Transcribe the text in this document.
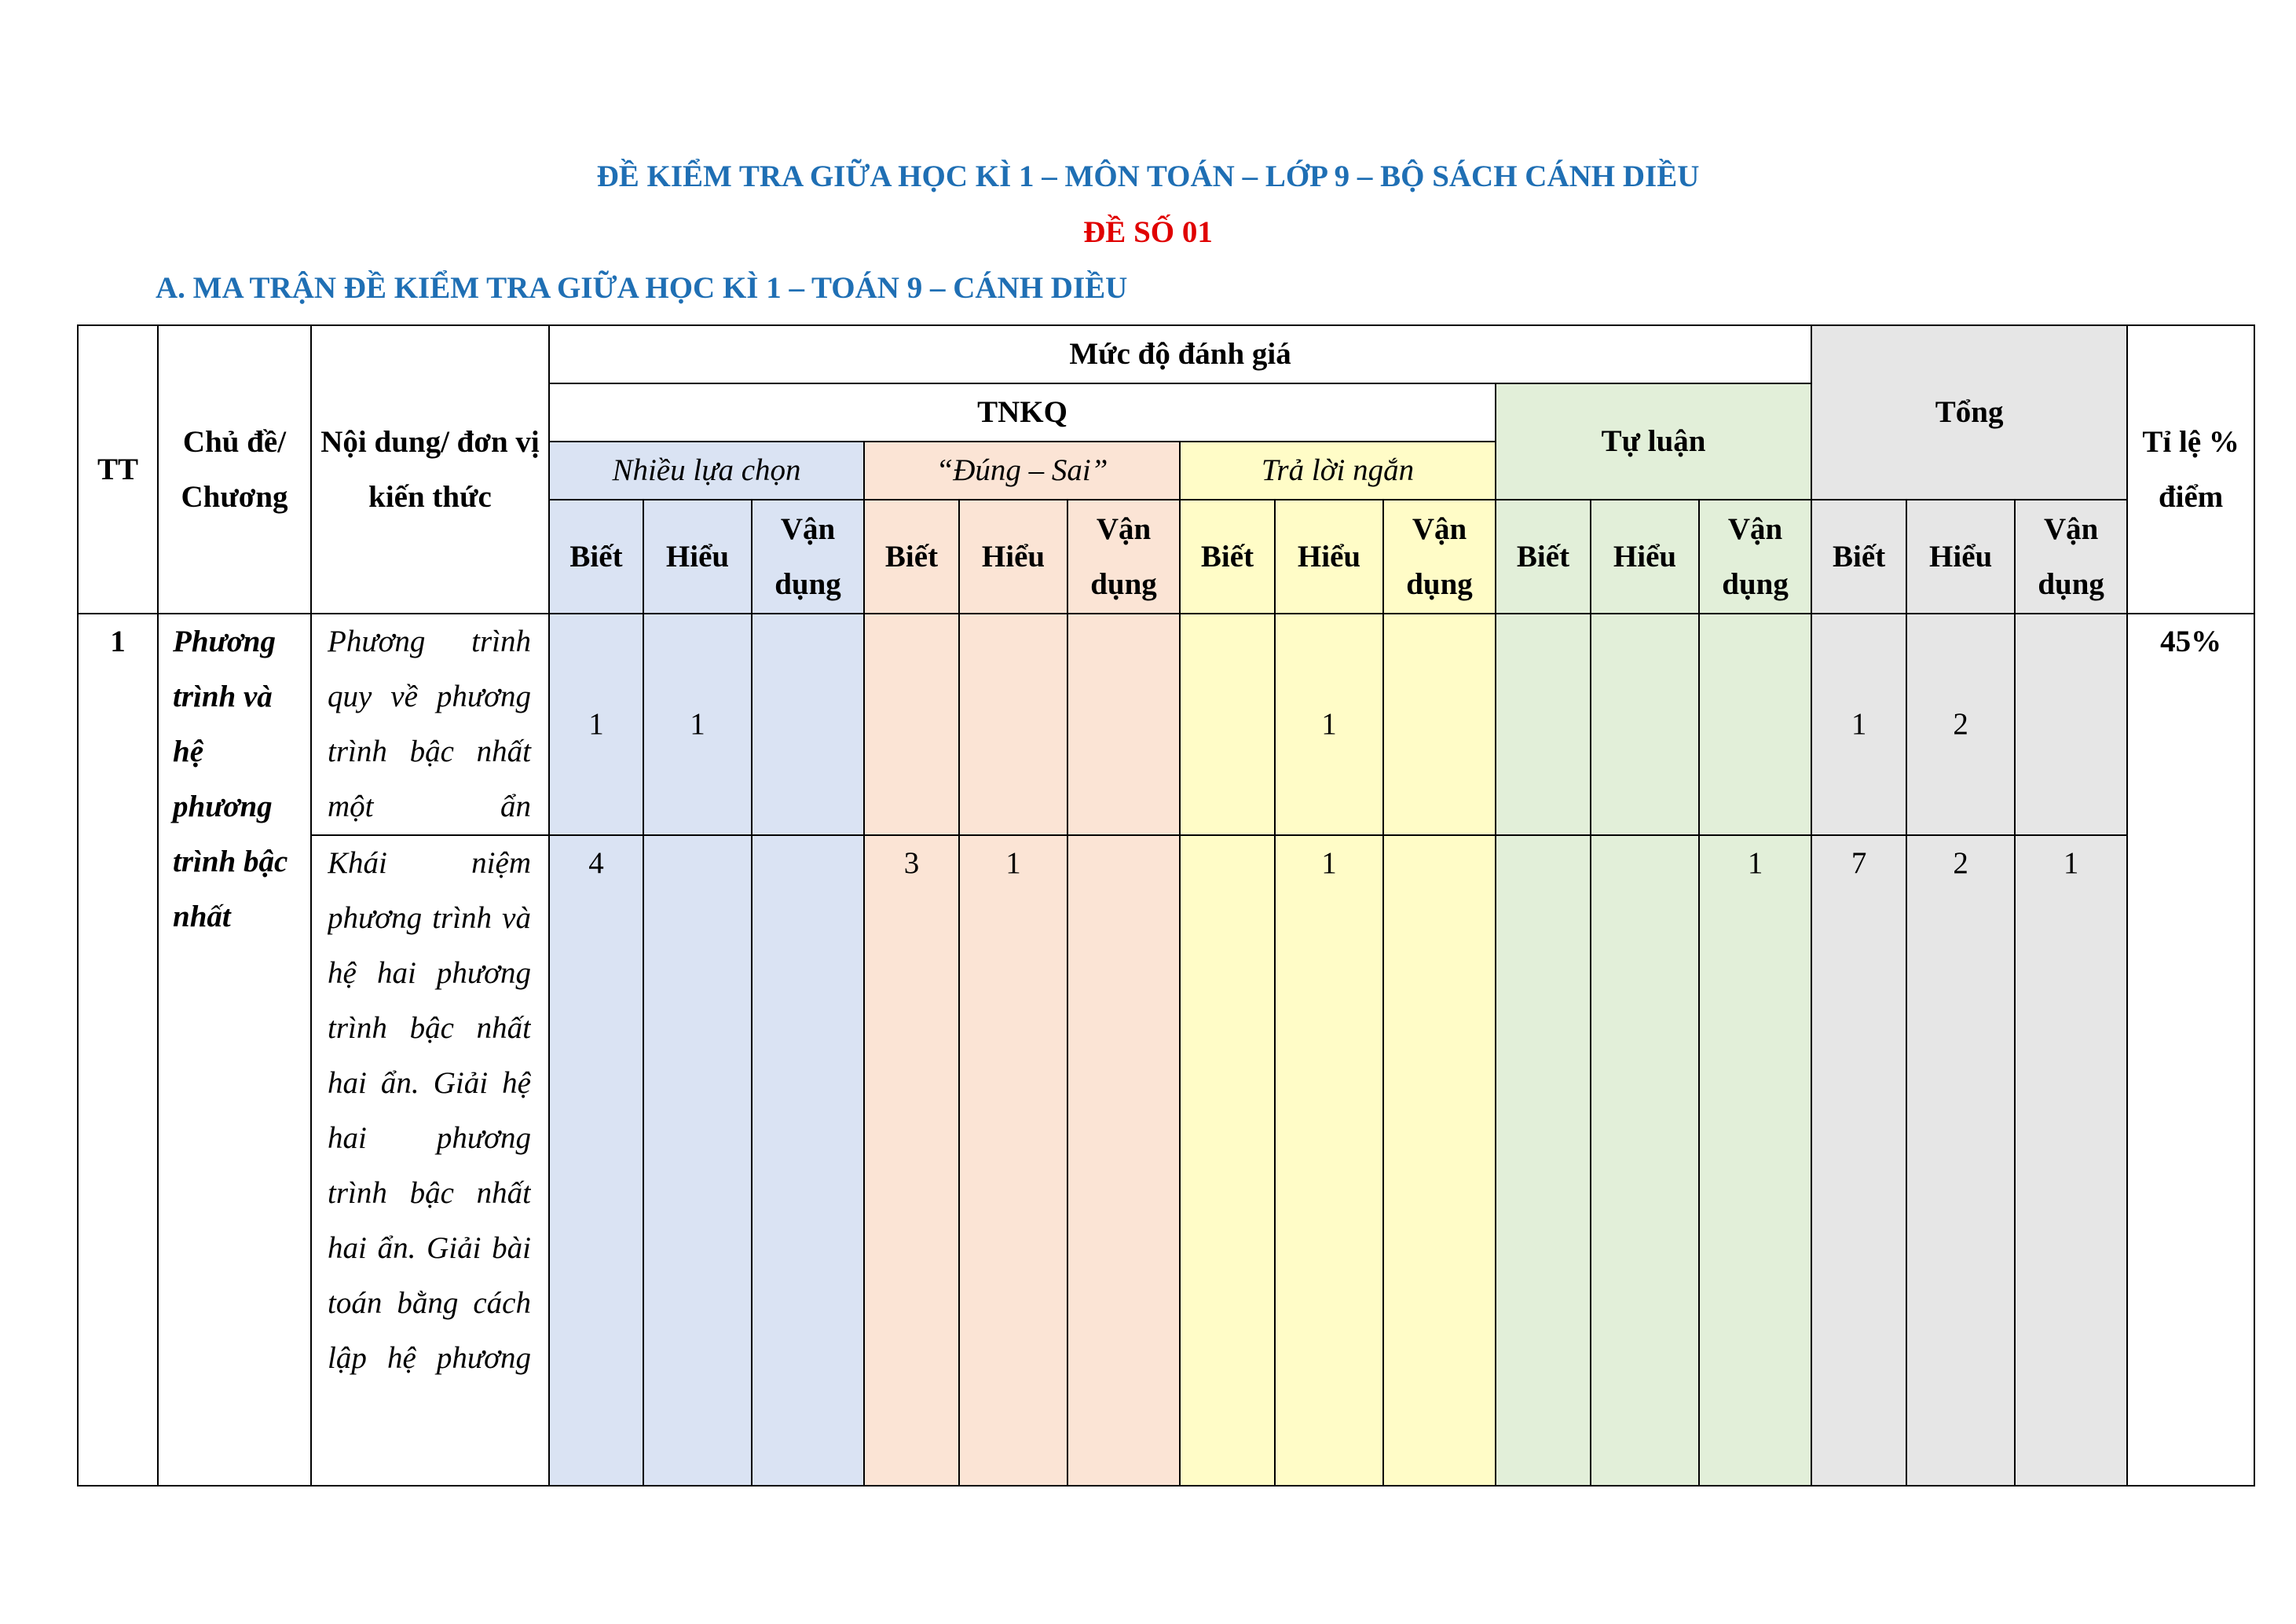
ĐỀ KIỂM TRA GIỮA HỌC KÌ 1 – MÔN TOÁN – LỚP 9 – BỘ SÁCH CÁNH DIỀU
ĐỀ SỐ 01
A. MA TRẬN ĐỀ KIỂM TRA GIỮA HỌC KÌ 1 – TOÁN 9 – CÁNH DIỀU
TT	Chủ đề/ Chương	Nội dung/ đơn vị kiến thức	Mức độ đánh giá												Tổng			Tỉ lệ % điểm
			TNKQ									Tự luận						
			Nhiều lựa chọn			“Đúng – Sai”			Trả lời ngắn									
			Biết	Hiểu	Vận dụng	Biết	Hiểu	Vận dụng	Biết	Hiểu	Vận dụng	Biết	Hiểu	Vận dụng	Biết	Hiểu	Vận dụng	
1	Phương trình và hệ phương trình bậc nhất	Phương trình quy về phương trình bậc nhất một ẩn	1	1						1					1	2		45%

		Khái niệm phương trình và hệ hai phương trình bậc nhất hai ẩn. Giải hệ hai phương trình bậc nhất hai ẩn. Giải bài toán bằng cách lập hệ phương	4			3	1			1				1	7	2	1	
